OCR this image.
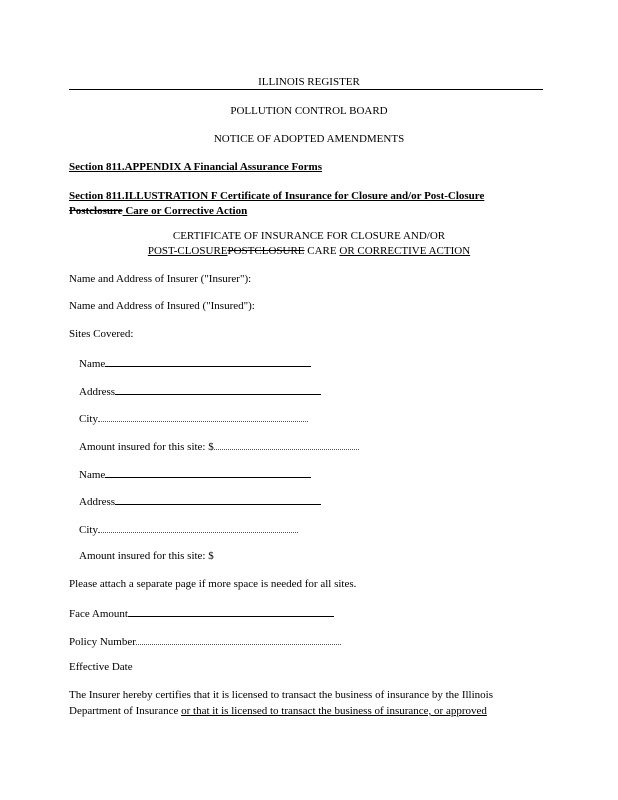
ILLINOIS REGISTER
POLLUTION CONTROL BOARD
NOTICE OF ADOPTED AMENDMENTS
Section 811.APPENDIX A Financial Assurance Forms
Section 811.ILLUSTRATION F Certificate of Insurance for Closure and/or Post-Closure
Postclosure Care or Corrective Action
CERTIFICATE OF INSURANCE FOR CLOSURE AND/OR
POST-CLOSUREPOSTCLOSURE CARE OR CORRECTIVE ACTION
Name and Address of Insurer ("Insurer"):
Name and Address of Insured ("Insured"):
Sites Covered:
Name
Address
City
Amount insured for this site: $
Name
Address
City
Amount insured for this site: $
Please attach a separate page if more space is needed for all sites.
Face Amount
Policy Number
Effective Date
The Insurer hereby certifies that it is licensed to transact the business of insurance by the Illinois
Department of Insurance or that it is licensed to transact the business of insurance, or approved
